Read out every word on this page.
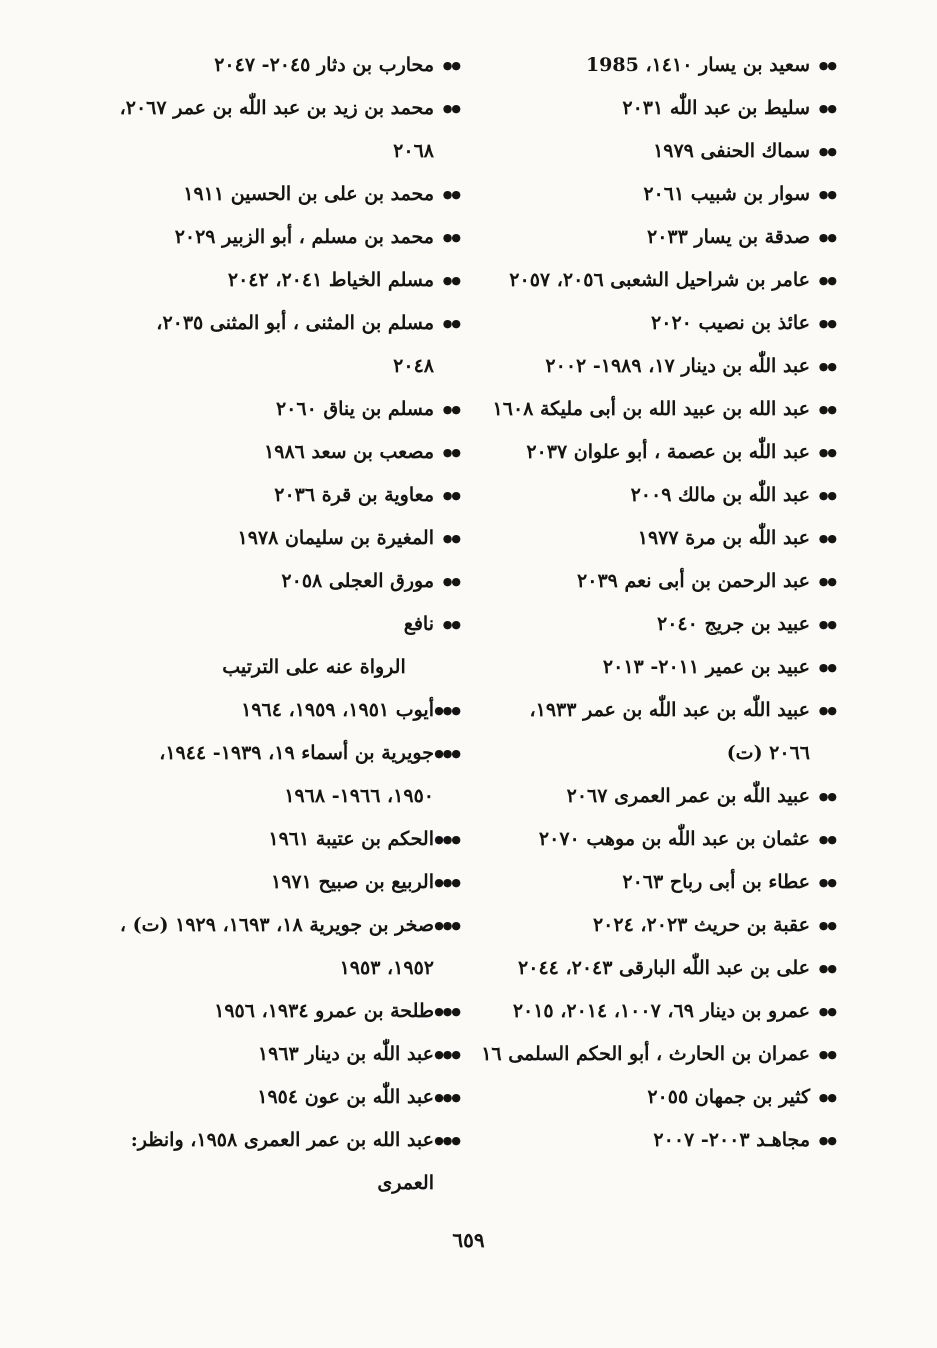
●●
سعيد بن يسار ١٤١٠، 1985
●●
سليط بن عبد اللّٰه ٢٠٣١
●●
سماك الحنفى ١٩٧٩
●●
سوار بن شبيب ٢٠٦١
●●
صدقة بن يسار ٢٠٣٣
●●
عامر بن شراحيل الشعبى ٢٠٥٦، ٢٠٥٧
●●
عائذ بن نصيب ٢٠٢٠
●●
عبد اللّٰه بن دينار ١٧، ١٩٨٩- ٢٠٠٢
●●
عبد الله بن عبيد الله بن أبى مليكة ١٦٠٨
●●
عبد اللّٰه بن عصمة ، أبو علوان ٢٠٣٧
●●
عبد اللّٰه بن مالك ٢٠٠٩
●●
عبد اللّٰه بن مرة ١٩٧٧
●●
عبد الرحمن بن أبى نعم ٢٠٣٩
●●
عبيد بن جريج ٢٠٤٠
●●
عبيد بن عمير ٢٠١١- ٢٠١٣
●●
عبيد اللّٰه بن عبد اللّٰه بن عمر ١٩٣٣، ٢٠٦٦ (ت)
●●
عبيد اللّٰه بن عمر العمرى ٢٠٦٧
●●
عثمان بن عبد اللّٰه بن موهب ٢٠٧٠
●●
عطاء بن أبى رباح ٢٠٦٣
●●
عقبة بن حريث ٢٠٢٣، ٢٠٢٤
●●
على بن عبد اللّٰه البارقى ٢٠٤٣، ٢٠٤٤
●●
عمرو بن دينار ٦٩، ١٠٠٧، ٢٠١٤، ٢٠١٥
●●
عمران بن الحارث ، أبو الحكم السلمى ١٦
●●
كثير بن جمهان ٢٠٥٥
●●
مجاهـد ٢٠٠٣- ٢٠٠٧
●●
محارب بن دثار ٢٠٤٥- ٢٠٤٧
●●
محمد بن زيد بن عبد اللّٰه بن عمر ٢٠٦٧، ٢٠٦٨
●●
محمد بن على بن الحسين ١٩١١
●●
محمد بن مسلم ، أبو الزبير ٢٠٢٩
●●
مسلم الخياط ٢٠٤١، ٢٠٤٢
●●
مسلم بن المثنى ، أبو المثنى ٢٠٣٥، ٢٠٤٨
●●
مسلم بن يناق ٢٠٦٠
●●
مصعب بن سعد ١٩٨٦
●●
معاوية بن قرة ٢٠٣٦
●●
المغيرة بن سليمان ١٩٧٨
●●
مورق العجلى ٢٠٥٨
●●
نافع
الرواة عنه على الترتيب
●●●
أيوب ١٩٥١، ١٩٥٩، ١٩٦٤
●●●
جويرية بن أسماء ١٩، ١٩٣٩- ١٩٤٤، ١٩٥٠، ١٩٦٦- ١٩٦٨
●●●
الحكم بن عتيبة ١٩٦١
●●●
الربيع بن صبيح ١٩٧١
●●●
صخر بن جويرية ١٨، ١٦٩٣، ١٩٢٩ (ت) ، ١٩٥٢، ١٩٥٣
●●●
طلحة بن عمرو ١٩٣٤، ١٩٥٦
●●●
عبد اللّٰه بن دينار ١٩٦٣
●●●
عبد اللّٰه بن عون ١٩٥٤
●●●
عبد الله بن عمر العمرى ١٩٥٨، وانظر: العمرى
٦٥٩
